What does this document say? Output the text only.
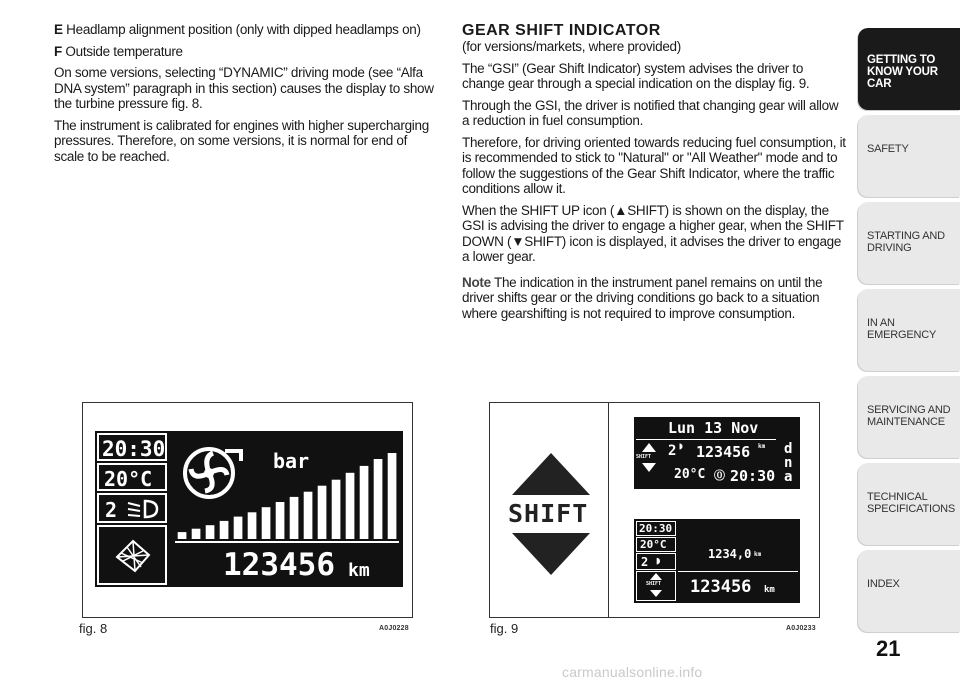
E Headlamp alignment position (only with dipped headlamps on)

F Outside temperature

On some versions, selecting “DYNAMIC” driving mode (see “Alfa DNA system” paragraph in this section) causes the display to show the turbine pressure fig. 8.

The instrument is calibrated for engines with higher supercharging pressures. Therefore, on some versions, it is normal for end of scale to be reached.

GEAR SHIFT INDICATOR

(for versions/markets, where provided)

The “GSI” (Gear Shift Indicator) system advises the driver to change gear through a special indication on the display fig. 9.

Through the GSI, the driver is notified that changing gear will allow a reduction in fuel consumption.

Therefore, for driving oriented towards reducing fuel consumption, it is recommended to stick to "Natural" or "All Weather" mode and to follow the suggestions of the Gear Shift Indicator, where the traffic conditions allow it.

When the SHIFT UP icon (▲SHIFT) is shown on the display, the GSI is advising the driver to engage a higher gear, when the SHIFT DOWN (▼SHIFT) icon is displayed, it advises the driver to engage a lower gear.

Note The indication in the instrument panel remains on until the driver shifts gear or the driving conditions go back to a situation where gearshifting is not required to improve consumption.

20:30
20°C
2
bar
123456 km
fig. 8	A0J0228
SHIFT
Lun 13 Nov
SHIFT 2 ◗ 123456 km
20°C ⓪ 20:30
d
n
a
20:30
20°C
2 ◗
SHIFT
1234,0 km
123456 km
fig. 9	A0J0233
GETTING TO KNOW YOUR CAR
SAFETY
STARTING AND DRIVING
IN AN EMERGENCY
SERVICING AND MAINTENANCE
TECHNICAL SPECIFICATIONS
INDEX
21
carmanualsonline.info
